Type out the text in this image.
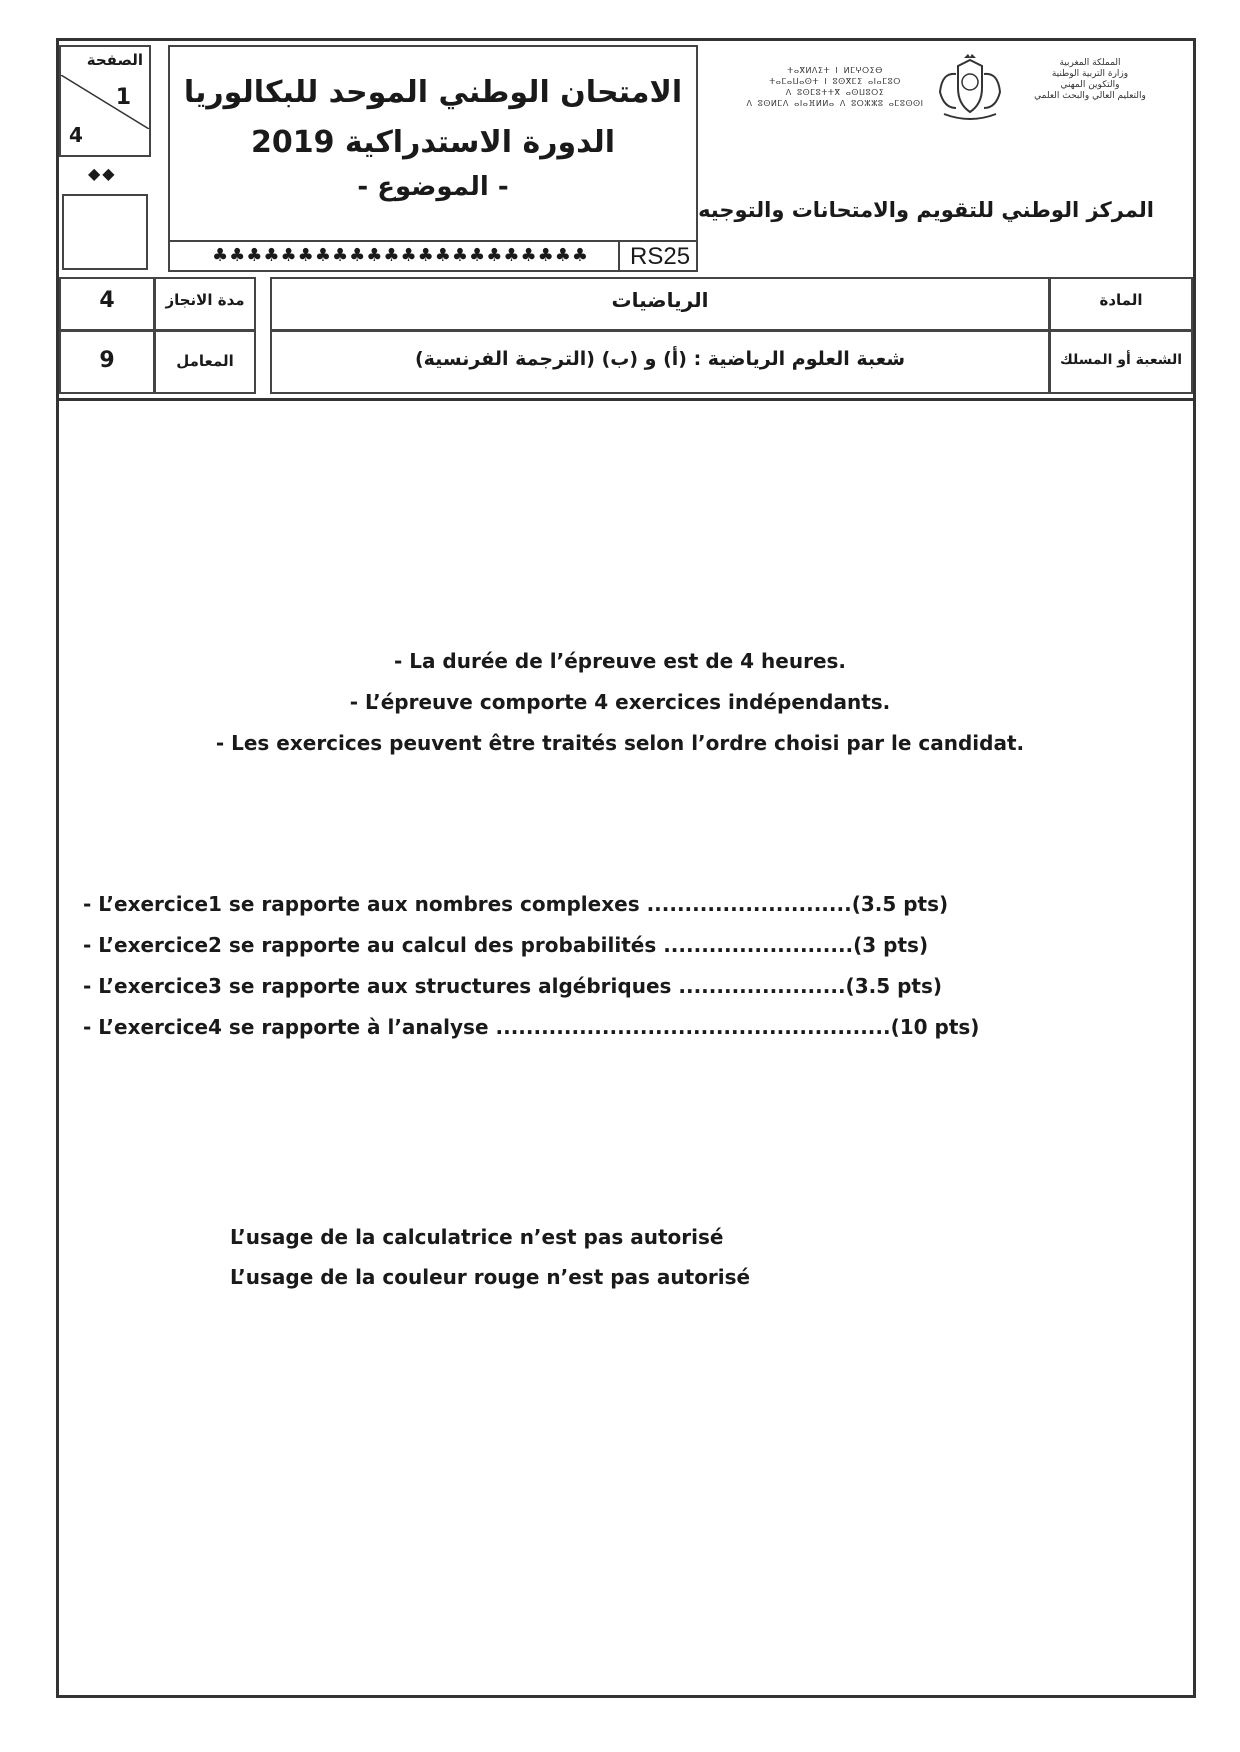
الصفحة
1
4
◆◆
الامتحان الوطني الموحد للبكالوريا
الدورة الاستدراكية 2019
- الموضوع -
♣♣♣♣♣♣♣♣♣♣♣♣♣♣♣♣♣♣♣♣♣♣ RS25
ⵜⴰⴳⵍⴷⵉⵜ ⵏ ⵍⵎⵖⵔⵉⴱ
ⵜⴰⵎⴰⵡⴰⵙⵜ ⵏ ⵓⵙⴳⵎⵉ ⴰⵏⴰⵎⵓⵔ
ⴷ ⵓⵙⵎⵓⵜⵜⴳ ⴰⵙⵡⵓⵔⵉ
ⴷ ⵓⵙⵍⵎⴷ ⴰⵏⴰⴼⵍⵍⴰ ⴷ ⵓⵔⵣⵣⵓ ⴰⵎⵓⵙⵙⵏ
المملكة المغربية
وزارة التربية الوطنية
والتكوين المهني
والتعليم العالي والبحث العلمي
المركز الوطني للتقويم والامتحانات والتوجيه
4	مدة الانجاز	الرياضيات	المادة
9	المعامل	شعبة العلوم الرياضية : (أ) و (ب) (الترجمة الفرنسية)	الشعبة أو المسلك
- La durée de l’épreuve est de 4 heures.
- L’épreuve comporte 4 exercices indépendants.
- Les exercices peuvent être traités selon l’ordre choisi par le candidat.
- L’exercice1 se rapporte aux nombres complexes ...........................(3.5 pts)
- L’exercice2 se rapporte au calcul des probabilités .........................(3 pts)
- L’exercice3 se rapporte aux structures algébriques ......................(3.5 pts)
- L’exercice4 se rapporte à l’analyse ....................................................(10 pts)
L’usage de la calculatrice n’est pas autorisé
L’usage de la couleur rouge n’est pas autorisé
